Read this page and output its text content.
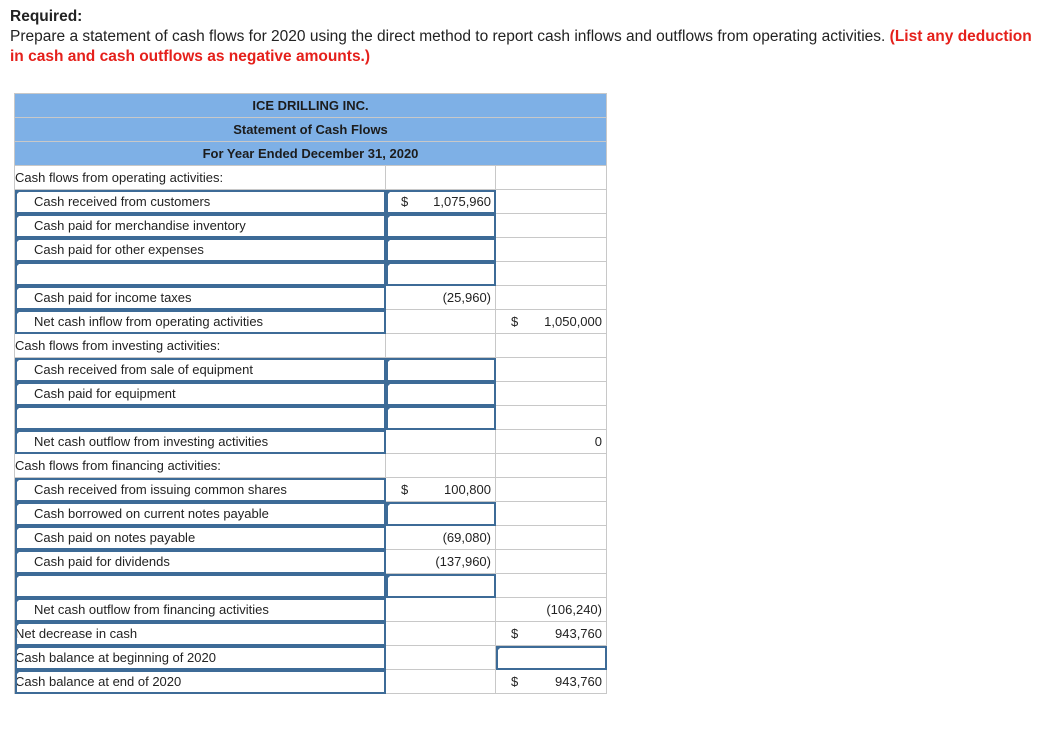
Required:
Prepare a statement of cash flows for 2020 using the direct method to report cash inflows and outflows from operating activities. (List any deduction in cash and cash outflows as negative amounts.)
ICE DRILLING INC.		
Statement of Cash Flows		
For Year Ended December 31, 2020		
Cash flows from operating activities:	

Cash received from customers	$ 1,075,960	

Cash paid for merchandise inventory	

Cash paid for other expenses	

Cash paid for income taxes	(25,960)	

Net cash inflow from operating activities		$ 1,050,000

Cash flows from investing activities:	

Cash received from sale of equipment	

Cash paid for equipment	

Net cash outflow from investing activities		0

Cash flows from financing activities:	

Cash received from issuing common shares	$ 100,800	

Cash borrowed on current notes payable	

Cash paid on notes payable	(69,080)	

Cash paid for dividends	(137,960)	

Net cash outflow from financing activities		(106,240)

Net decrease in cash		$ 943,760

Cash balance at beginning of 2020	

Cash balance at end of 2020		$ 943,760
